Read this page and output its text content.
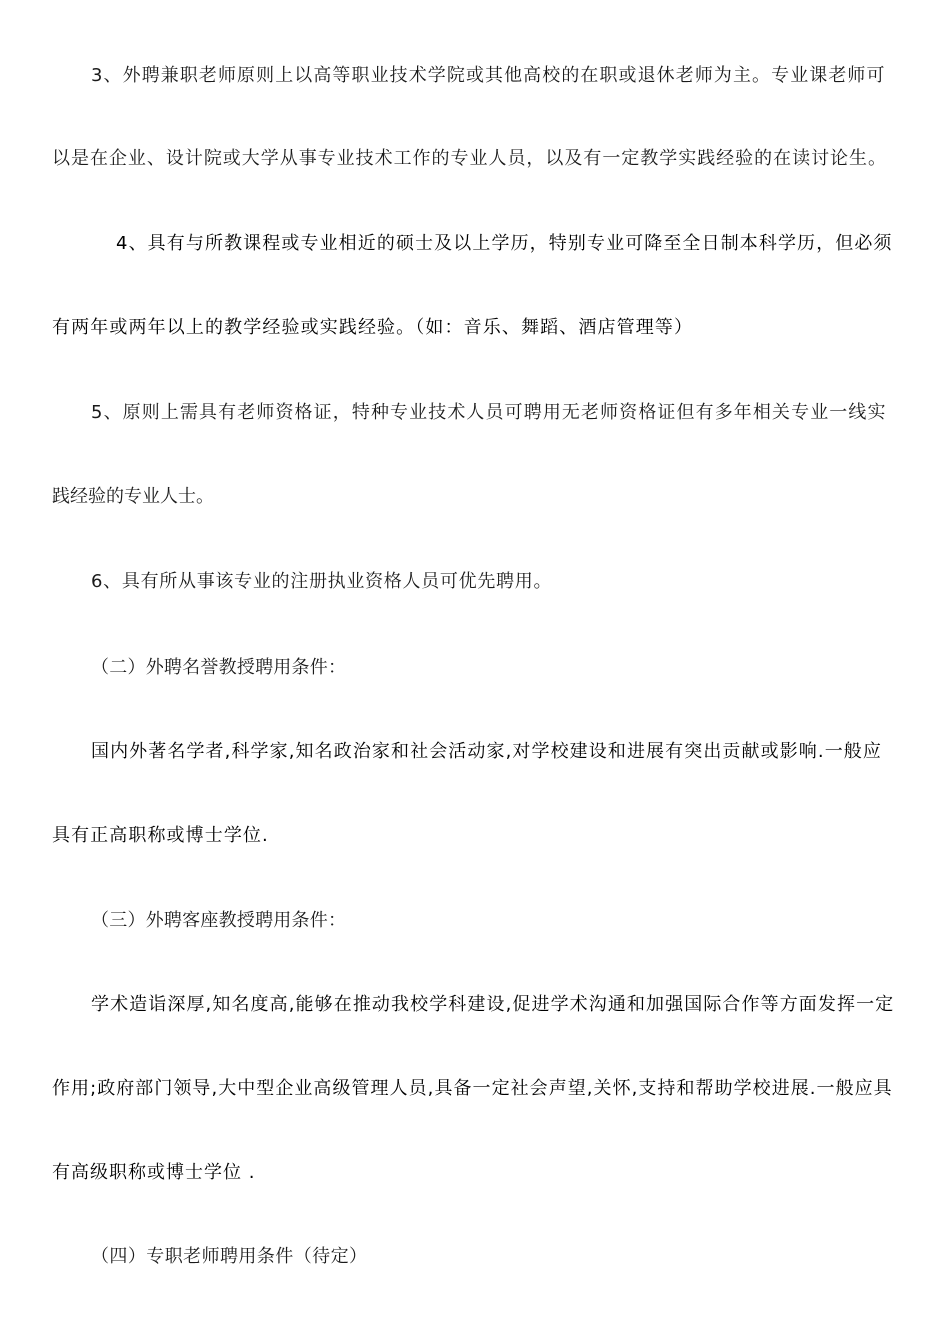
3、外聘兼职老师原则上以高等职业技术学院或其他高校的在职或退休老师为主。专业课老师可
以是在企业、设计院或大学从事专业技术工作的专业人员，以及有一定教学实践经验的在读讨论生。
4、具有与所教课程或专业相近的硕士及以上学历，特别专业可降至全日制本科学历，但必须
有两年或两年以上的教学经验或实践经验。（如：音乐、舞蹈、酒店管理等）
5、原则上需具有老师资格证，特种专业技术人员可聘用无老师资格证但有多年相关专业一线实
践经验的专业人士。
6、具有所从事该专业的注册执业资格人员可优先聘用。
（二）外聘名誉教授聘用条件：
国内外著名学者,科学家,知名政治家和社会活动家,对学校建设和进展有突出贡献或影响.一般应
具有正高职称或博士学位.
（三）外聘客座教授聘用条件：
学术造诣深厚,知名度高,能够在推动我校学科建设,促进学术沟通和加强国际合作等方面发挥一定
作用;政府部门领导,大中型企业高级管理人员,具备一定社会声望,关怀,支持和帮助学校进展.一般应具
有高级职称或博士学位 .
（四）专职老师聘用条件（待定）
